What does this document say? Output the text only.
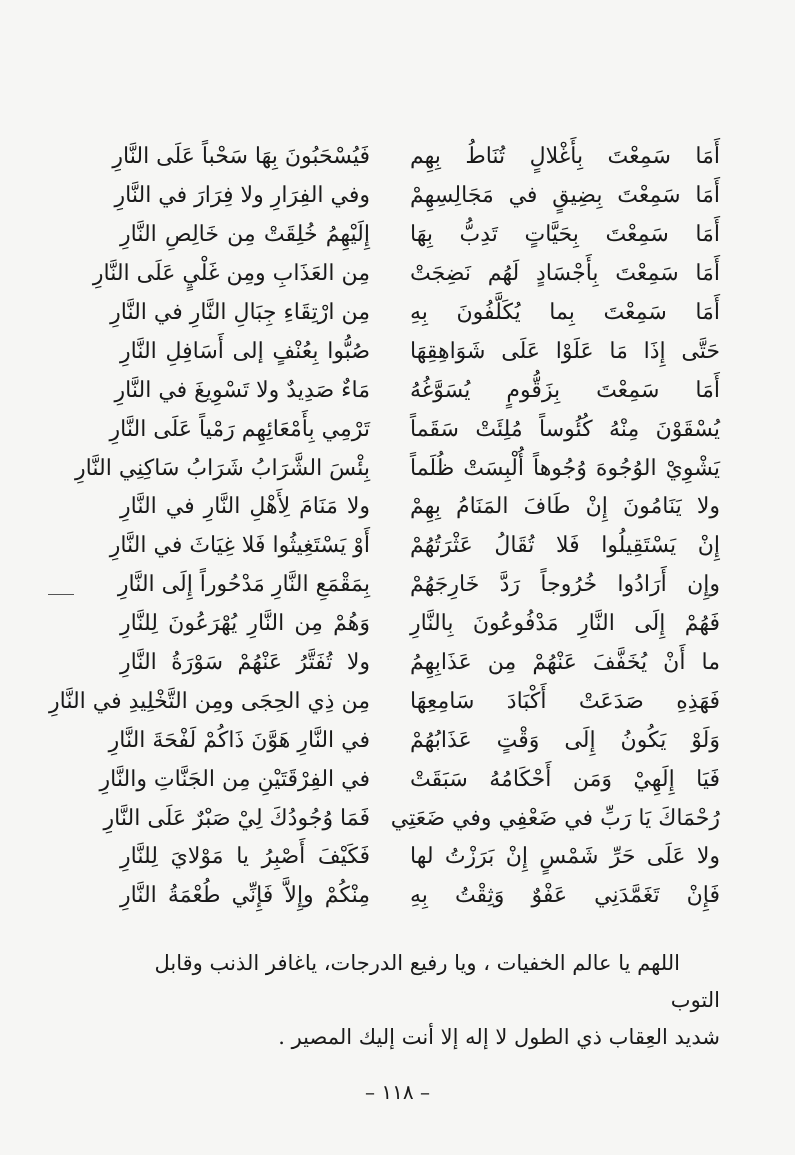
أَمَا سَمِعْتَ بِأَغْلالٍ تُنَاطُ بِهِم
فَيُسْحَبُونَ بِهَا سَحْباً عَلَى النَّارِ
أَمَا سَمِعْتَ بِضِيقٍ في مَجَالِسِهِمْ
وفي الفِرَارِ ولا فِرَارَ في النَّارِ
أَمَا سَمِعْتَ بِحَيَّاتٍ تَدِبُّ بِهَا
إِلَيْهِمُ خُلِقَتْ مِن خَالِصِ النَّارِ
أَمَا سَمِعْتَ بِأَجْسَادٍ لَهُم نَضِجَتْ
مِن العَذَابِ ومِن غَلْيٍ عَلَى النَّارِ
أَمَا سَمِعْتَ بِما يُكَلَّفُونَ بِهِ
مِن ارْتِقَاءِ جِبَالِ النَّارِ في النَّارِ
حَتَّى إِذَا مَا عَلَوْا عَلَى شَوَاهِقِهَا
صُبُّوا بِعُنْفٍ إلى أَسَافِلِ النَّارِ
أَمَا سَمِعْتَ بِزَقُّومٍ يُسَوَّغُهُ
مَاءٌ صَدِيدٌ ولا تَسْوِيغَ في النَّارِ
يُسْقَوْنَ مِنْهُ كُئُوساً مُلِئَتْ سَقَماً
تَرْمِي بِأَمْعَائِهِم رَمْياً عَلَى النَّارِ
يَشْوِيْ الوُجُوهَ وُجُوهاً أُلْبِسَتْ ظُلَماً
بِئْسَ الشَّرَابُ شَرَابُ سَاكِنِي النَّارِ
ولا يَنَامُونَ إِنْ طَافَ المَنَامُ بِهِمْ
ولا مَنَامَ لِأَهْلِ النَّارِ في النَّارِ
إِنْ يَسْتَقِيلُوا فَلا تُقَالُ عَثْرَتُهُمْ
أَوْ يَسْتَغِيثُوا فَلا غِيَاثَ في النَّارِ
وإِن أَرَادُوا خُرُوجاً رَدَّ خَارِجَهُمْ
بِمَقْمَعِ النَّارِ مَدْحُوراً إِلَى النَّارِ
فَهُمْ إِلَى النَّارِ مَدْفُوعُونَ بِالنَّارِ
وَهُمْ مِن النَّارِ يُهْرَعُونَ لِلنَّارِ
ما أَنْ يُخَفَّفَ عَنْهُمْ مِن عَذَابِهِمُ
ولا تُفَتَّرُ عَنْهُمْ سَوْرَةُ النَّارِ
فَهَذِهِ صَدَعَتْ أَكْبَادَ سَامِعِهَا
مِن ذِي الحِجَى ومِن التَّخْلِيدِ في النَّارِ
وَلَوْ يَكُونُ إِلَى وَقْتٍ عَذَابُهُمْ
في النَّارِ هَوَّنَ ذَاكُمْ لَفْحَةَ النَّارِ
فَيَا إِلَهِيْ وَمَن أَحْكَامُهُ سَبَقَتْ
في الفِرْقَتَيْنِ مِن الجَنَّاتِ والنَّارِ
رُحْمَاكَ يَا رَبِّ في ضَعْفِي وفي ضَعَتِي
فَمَا وُجُودُكَ لِيْ صَبْرٌ عَلَى النَّارِ
ولا عَلَى حَرِّ شَمْسٍ إِنْ بَرَزْتُ لها
فَكَيْفَ أَصْبِرُ يا مَوْلايَ لِلنَّارِ
فَإِنْ تَغَمَّدَنِي عَفْوٌ وَثِقْتُ بِهِ
مِنْكُمْ وإِلاَّ فَإِنِّي طُعْمَةُ النَّارِ

اللهم يا عالم الخفيات ، ويا رفيع الدرجات، ياغافر الذنب وقابل التوب

شديد العِقاب ذي الطول لا إله إلا أنت إليك المصير .

– ١١٨ –
